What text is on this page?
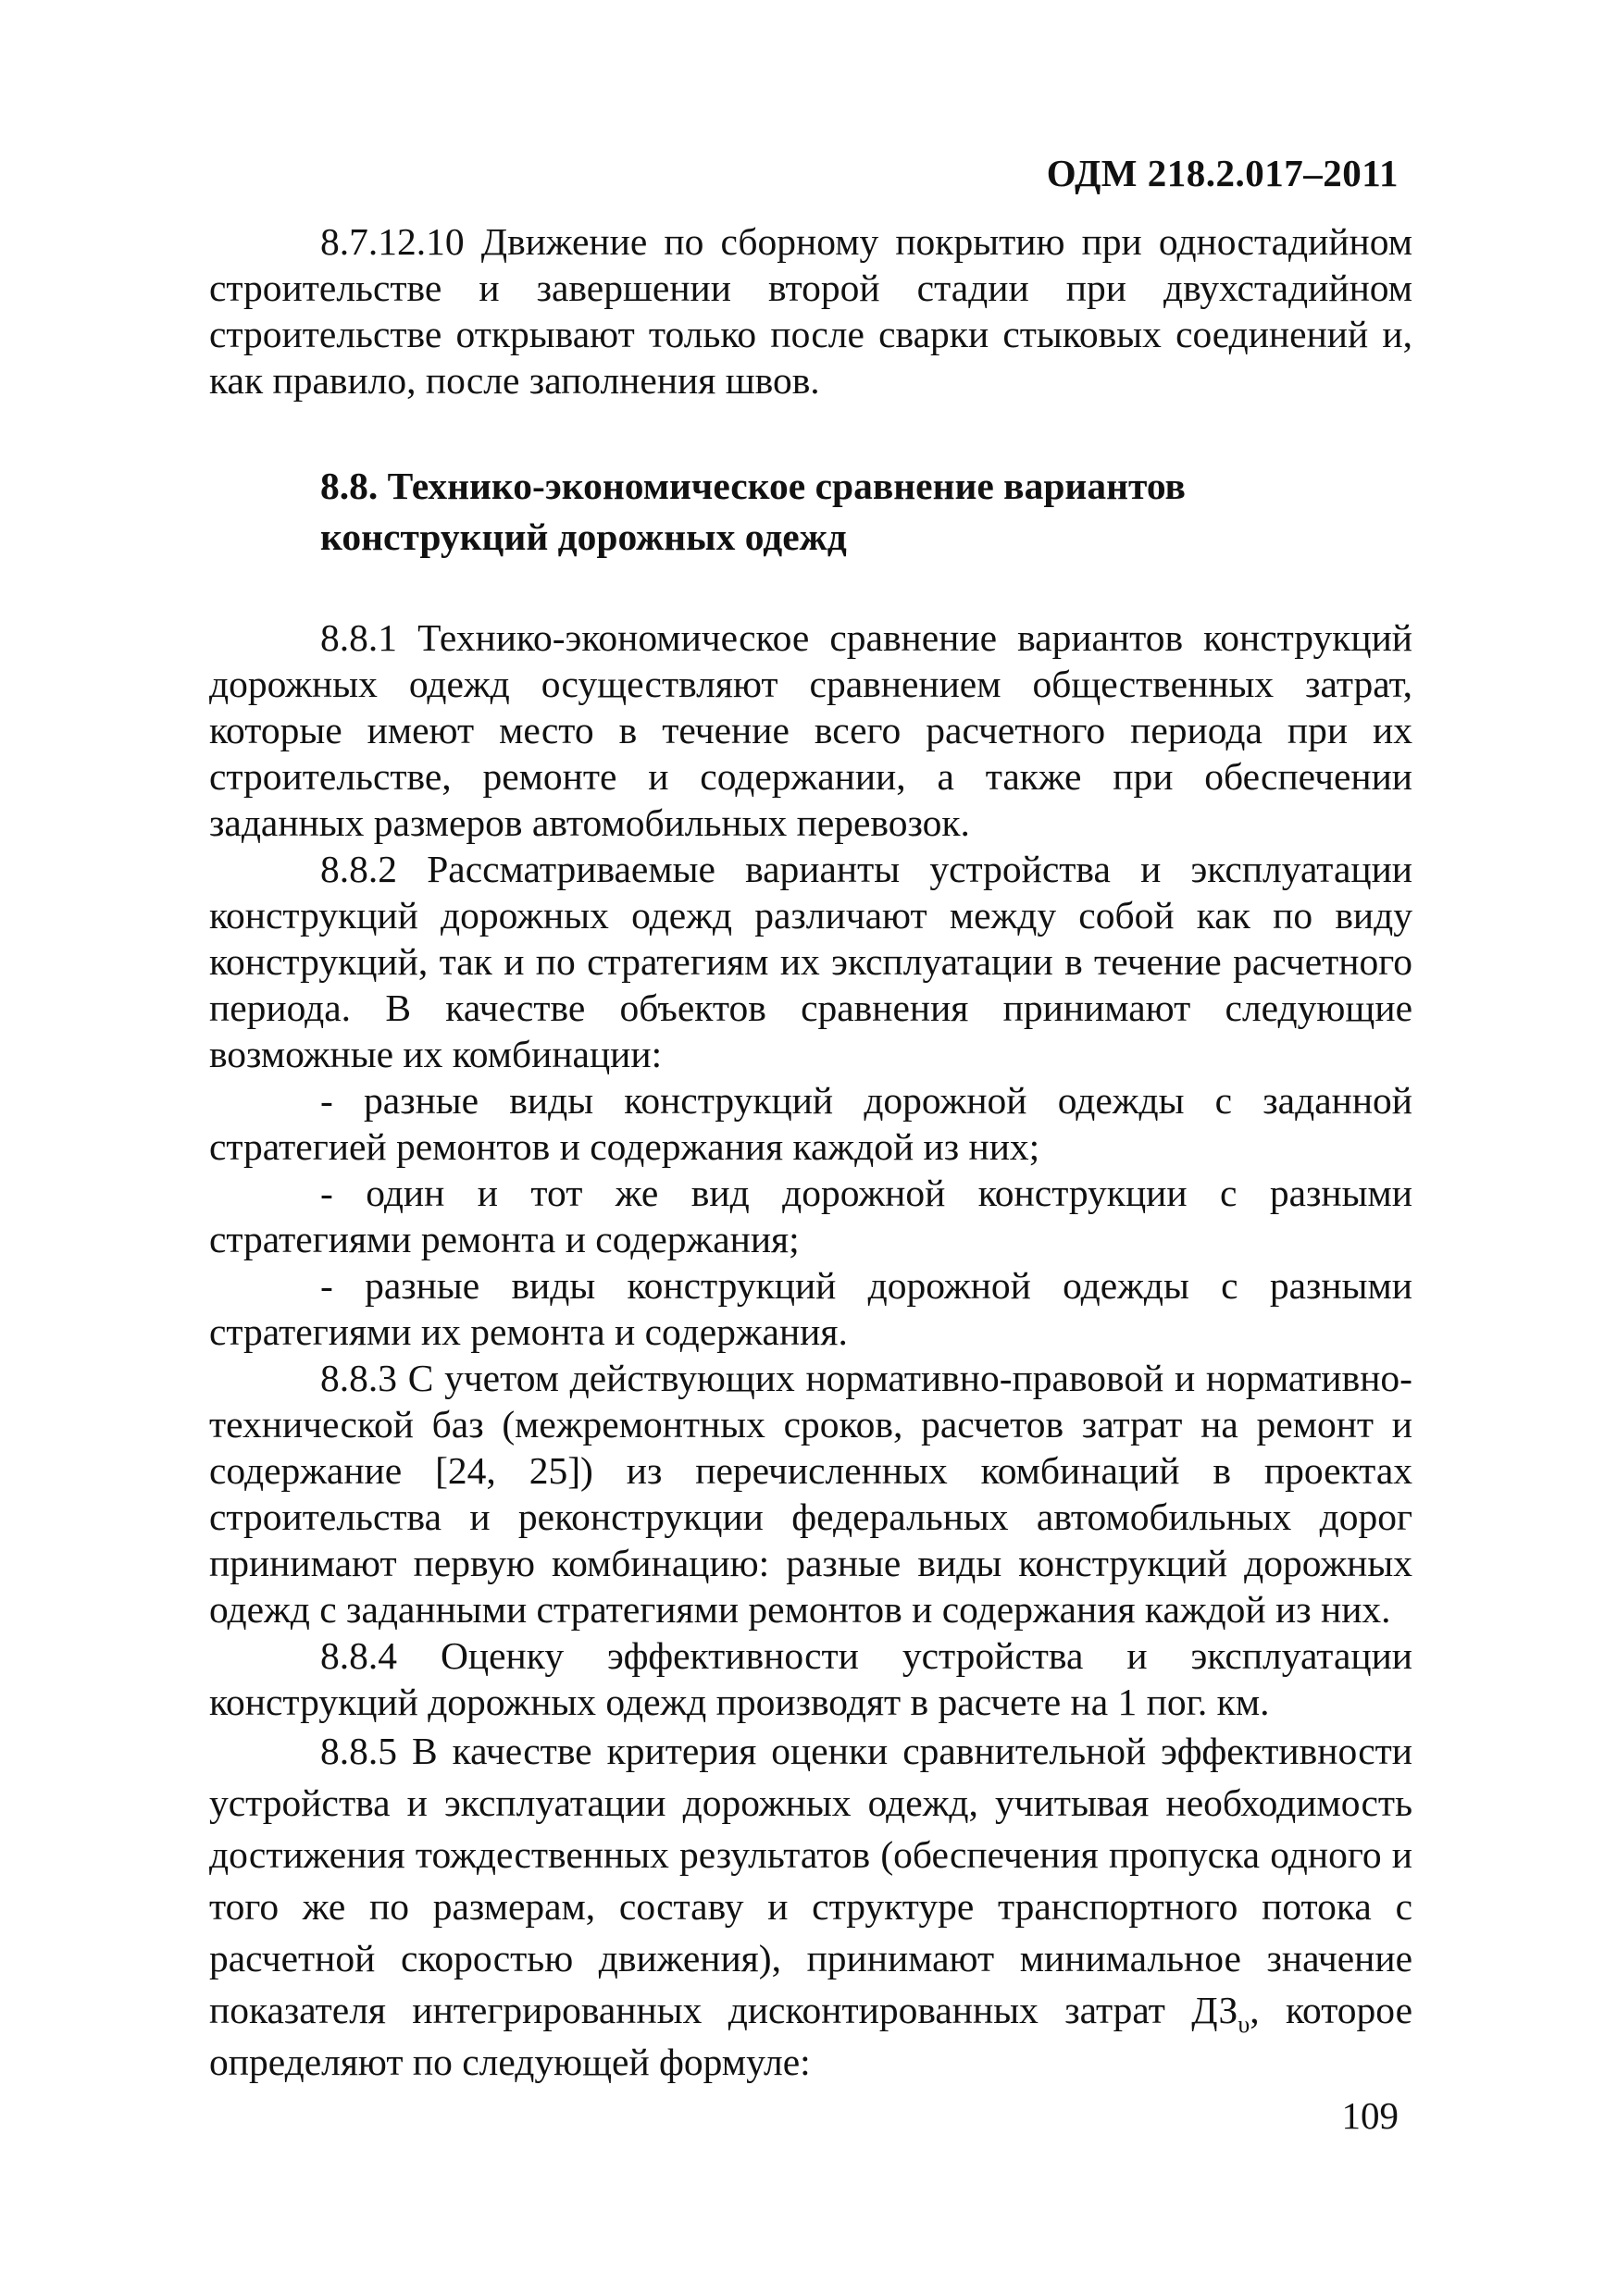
ОДМ 218.2.017–2011

8.7.12.10 Движение по сборному покрытию при одностадийном строительстве и завершении второй стадии при двухстадийном строительстве открывают только после сварки стыковых соединений и, как правило, после заполнения швов.

8.8. Технико-экономическое сравнение вариантов
конструкций дорожных одежд

8.8.1 Технико-экономическое сравнение вариантов конструкций дорожных одежд осуществляют сравнением общественных затрат, которые имеют место в течение всего расчетного периода при их строительстве, ремонте и содержании, а также при обеспечении заданных размеров автомобильных перевозок.

8.8.2 Рассматриваемые варианты устройства и эксплуатации конструкций дорожных одежд различают между собой как по виду конструкций, так и по стратегиям их эксплуатации в течение расчетного периода. В качестве объектов сравнения принимают следующие возможные их комбинации:

- разные виды конструкций дорожной одежды с заданной стратегией ремонтов и содержания каждой из них;

- один и тот же вид дорожной конструкции с разными стратегиями ремонта и содержания;

- разные виды конструкций дорожной одежды с разными стратегиями их ремонта и содержания.

8.8.3 С учетом действующих нормативно-правовой и нормативно-технической баз (межремонтных сроков, расчетов затрат на ремонт и содержание [24, 25]) из перечисленных комбинаций в проектах строительства и реконструкции федеральных автомобильных дорог принимают первую комбинацию: разные виды конструкций дорожных одежд с заданными стратегиями ремонтов и содержания каждой из них.

8.8.4 Оценку эффективности устройства и эксплуатации конструкций дорожных одежд производят в расчете на 1 пог. км.

8.8.5 В качестве критерия оценки сравнительной эффективности устройства и эксплуатации дорожных одежд, учитывая необходимость достижения тождественных результатов (обеспечения пропуска одного и того же по размерам, составу и структуре транспортного потока с расчетной скоростью движения), принимают минимальное значение показателя интегрированных дисконтированных затрат $ДЗ_\upsilon$, которое определяют по следующей формуле:

109
